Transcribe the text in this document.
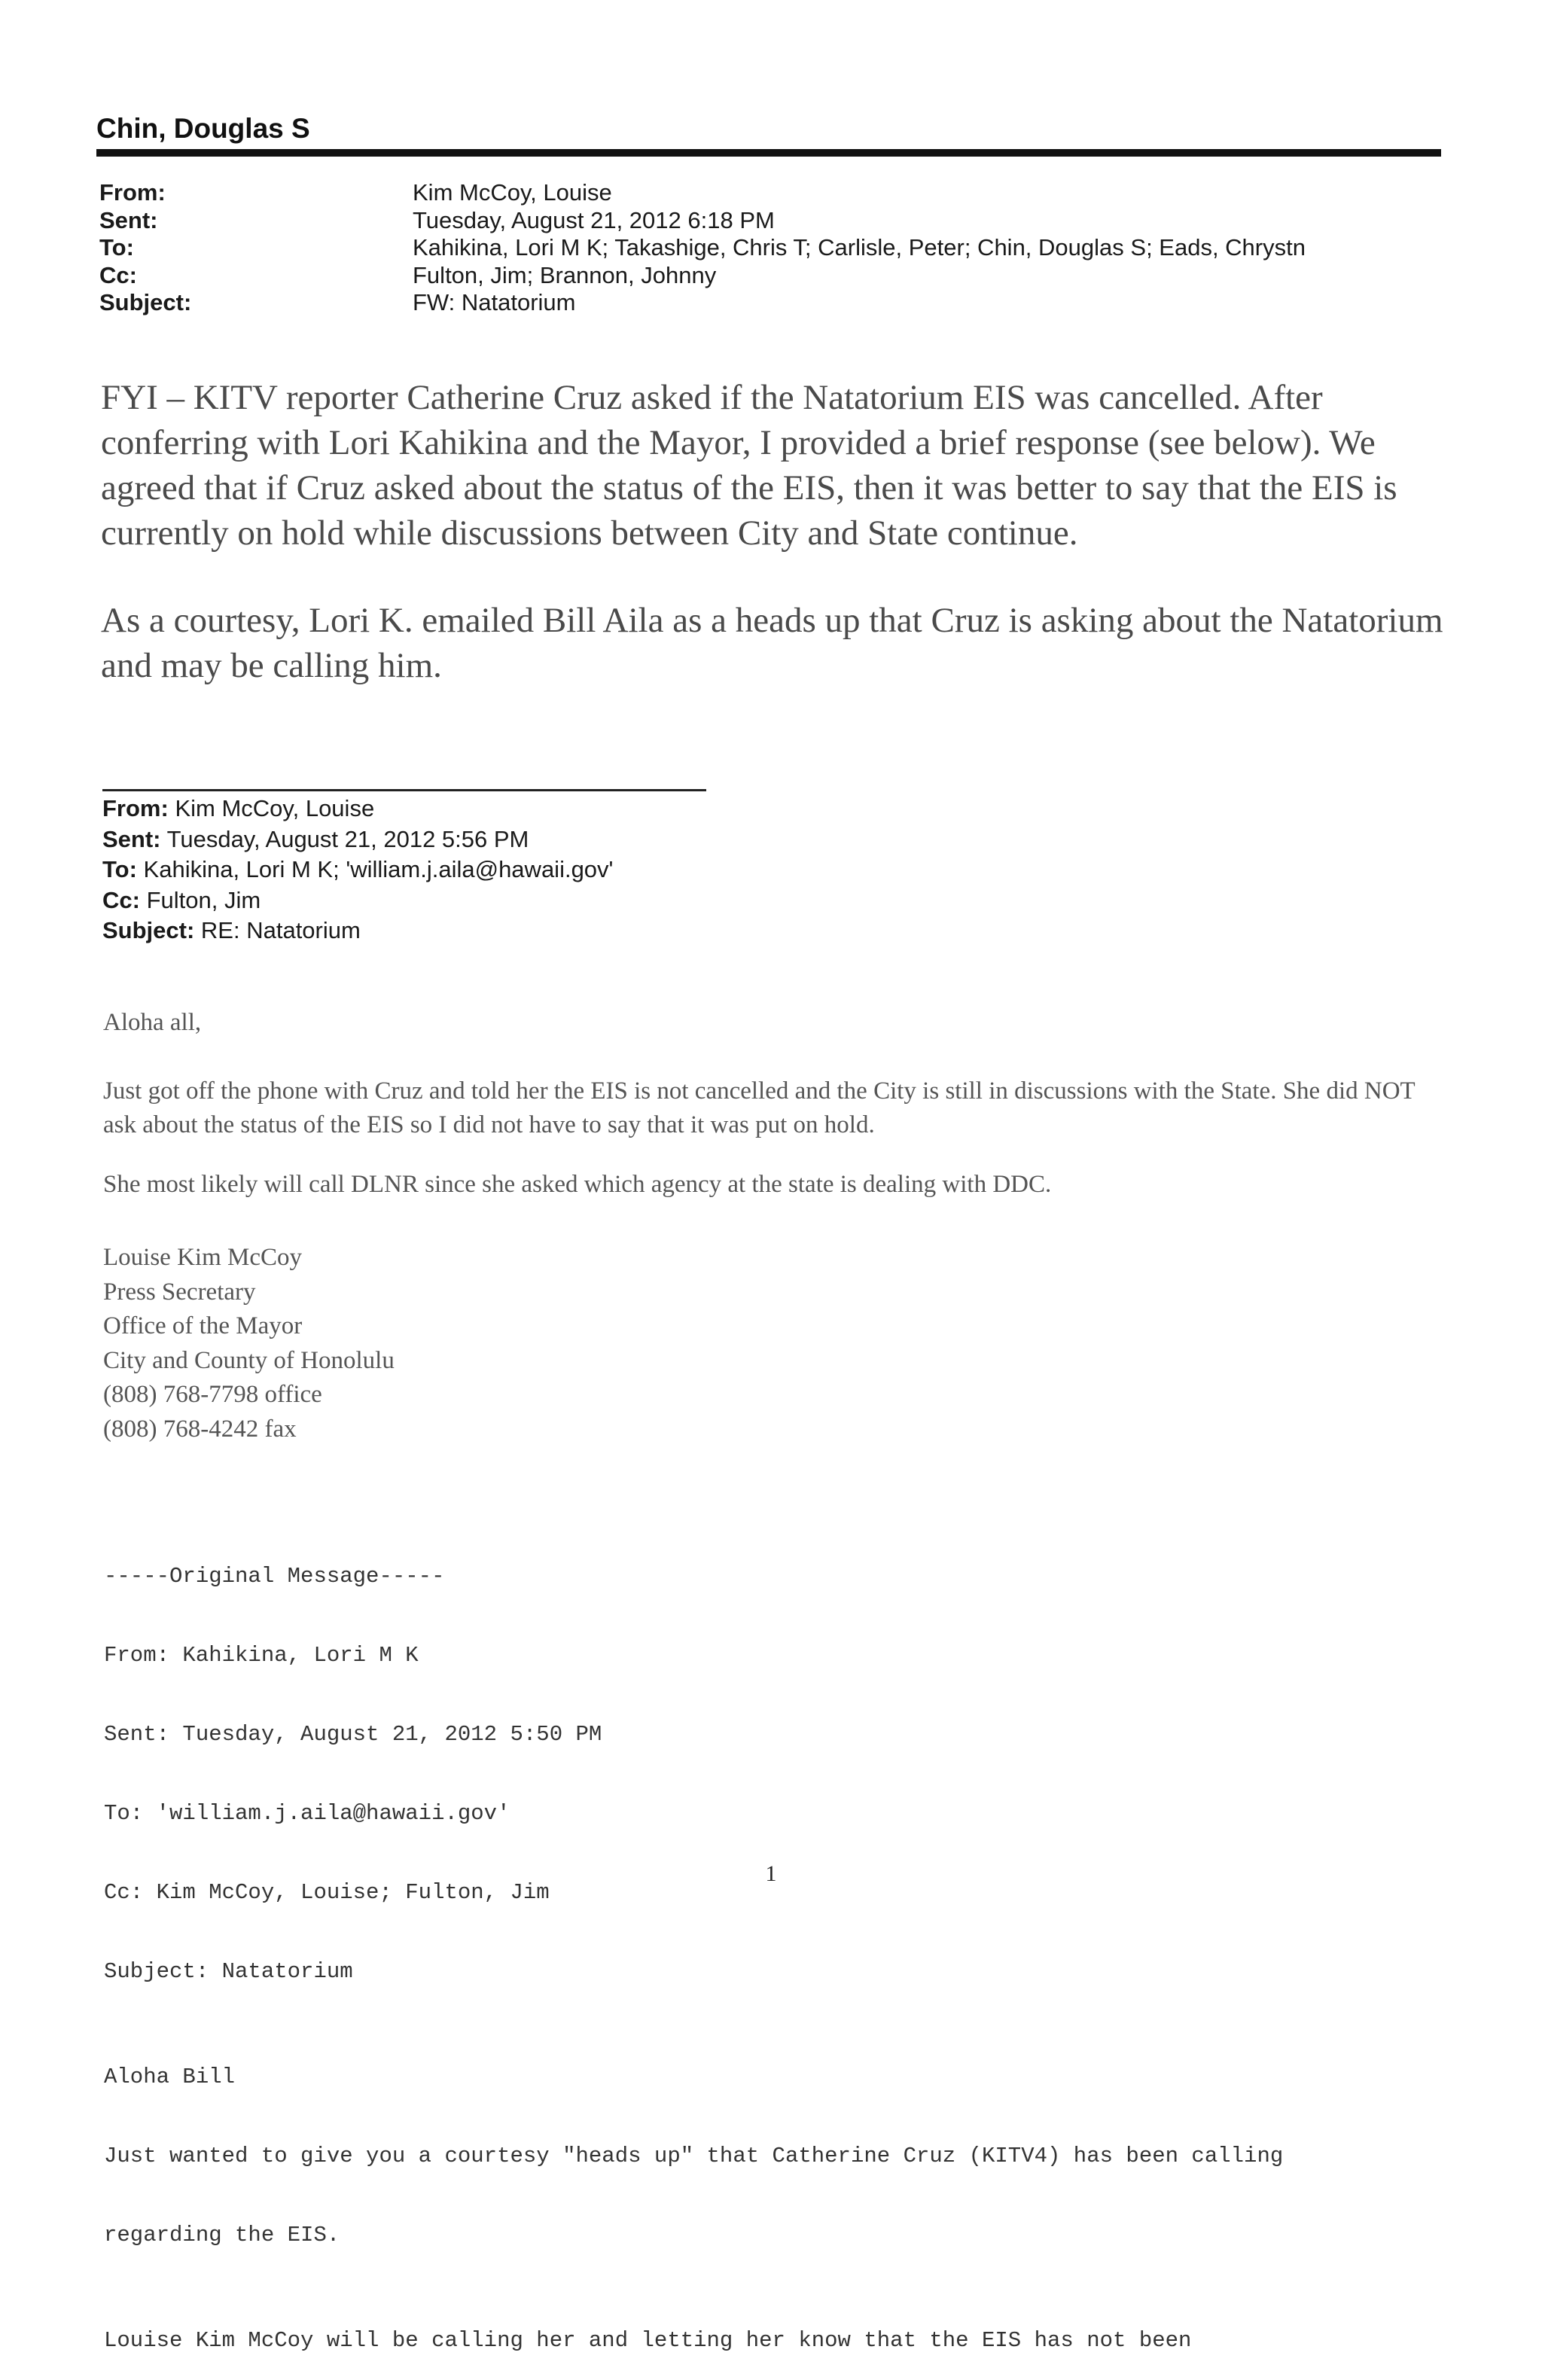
Chin, Douglas S
From:	Kim McCoy, Louise
Sent:	Tuesday, August 21, 2012 6:18 PM
To:	Kahikina, Lori M K; Takashige, Chris T; Carlisle, Peter; Chin, Douglas S; Eads, Chrystn
Cc:	Fulton, Jim; Brannon, Johnny
Subject:	FW: Natatorium

FYI – KITV reporter Catherine Cruz asked if the Natatorium EIS was cancelled. After conferring with Lori Kahikina and the Mayor, I provided a brief response (see below). We agreed that if Cruz asked about the status of the EIS, then it was better to say that the EIS is currently on hold while discussions between City and State continue.

As a courtesy, Lori K. emailed Bill Aila as a heads up that Cruz is asking about the Natatorium and may be calling him.

From: Kim McCoy, Louise
Sent: Tuesday, August 21, 2012 5:56 PM
To: Kahikina, Lori M K; 'william.j.aila@hawaii.gov'
Cc: Fulton, Jim
Subject: RE: Natatorium

Aloha all,

Just got off the phone with Cruz and told her the EIS is not cancelled and the City is still in discussions with the State. She did NOT ask about the status of the EIS so I did not have to say that it was put on hold.

She most likely will call DLNR since she asked which agency at the state is dealing with DDC.

Louise Kim McCoy
Press Secretary
Office of the Mayor
City and County of Honolulu
(808) 768-7798 office
(808) 768-4242 fax

-----Original Message-----

From: Kahikina, Lori M K

Sent: Tuesday, August 21, 2012 5:50 PM

To: 'william.j.aila@hawaii.gov'

Cc: Kim McCoy, Louise; Fulton, Jim

Subject: Natatorium

Aloha Bill

Just wanted to give you a courtesy "heads up" that Catherine Cruz (KITV4) has been calling

regarding the EIS.

Louise Kim McCoy will be calling her and letting her know that the EIS has not been

1
